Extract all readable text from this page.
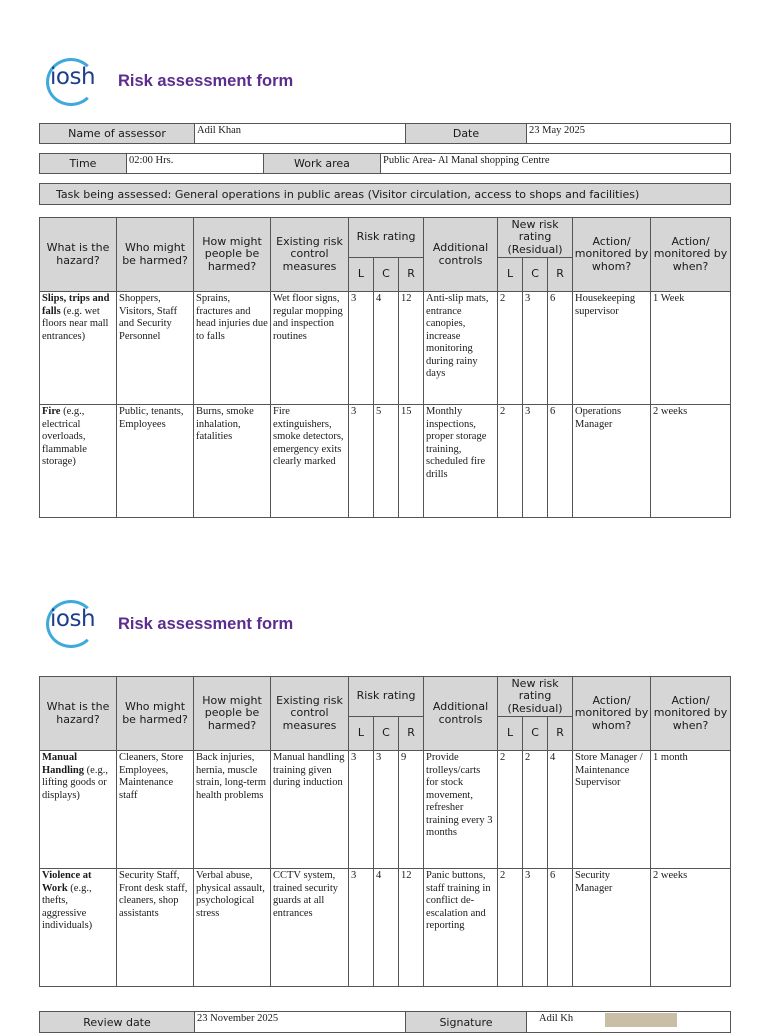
iosh Risk assessment form
Name of assessor	Adil Khan	Date	23 May 2025
Time	02:00 Hrs.	Work area	Public Area- Al Manal shopping Centre
Task being assessed: General operations in public areas (Visitor circulation, access to shops and facilities)
What is the hazard?	Who might be harmed?	How might people be harmed?	Existing risk control measures	Risk rating			Additional controls	New risk rating (Residual)			Action/ monitored by whom?	Action/ monitored by when?
				L	C	R		L	C	R		
Slips, trips and falls (e.g. wet floors near mall entrances)	Shoppers, Visitors, Staff and Security Personnel	Sprains, fractures and head injuries due to falls	Wet floor signs, regular mopping and inspection routines	3	4	12	Anti-slip mats, entrance canopies, increase monitoring during rainy days	2	3	6	Housekeeping supervisor	1 Week
Fire (e.g., electrical overloads, flammable storage)	Public, tenants, Employees	Burns, smoke inhalation, fatalities	Fire extinguishers, smoke detectors, emergency exits clearly marked	3	5	15	Monthly inspections, proper storage training, scheduled fire drills	2	3	6	Operations Manager	2 weeks
iosh Risk assessment form
What is the hazard?	Who might be harmed?	How might people be harmed?	Existing risk control measures	Risk rating			Additional controls	New risk rating (Residual)			Action/ monitored by whom?	Action/ monitored by when?
				L	C	R		L	C	R		
Manual Handling (e.g., lifting goods or displays)	Cleaners, Store Employees, Maintenance staff	Back injuries, hernia, muscle strain, long-term health problems	Manual handling training given during induction	3	3	9	Provide trolleys/carts for stock movement, refresher training every 3 months	2	2	4	Store Manager / Maintenance Supervisor	1 month
Violence at Work (e.g., thefts, aggressive individuals)	Security Staff, Front desk staff, cleaners, shop assistants	Verbal abuse, physical assault, psychological stress	CCTV system, trained security guards at all entrances	3	4	12	Panic buttons, staff training in conflict de-escalation and reporting	2	3	6	Security Manager	2 weeks
Review date	23 November 2025	Signature	Adil Kh
